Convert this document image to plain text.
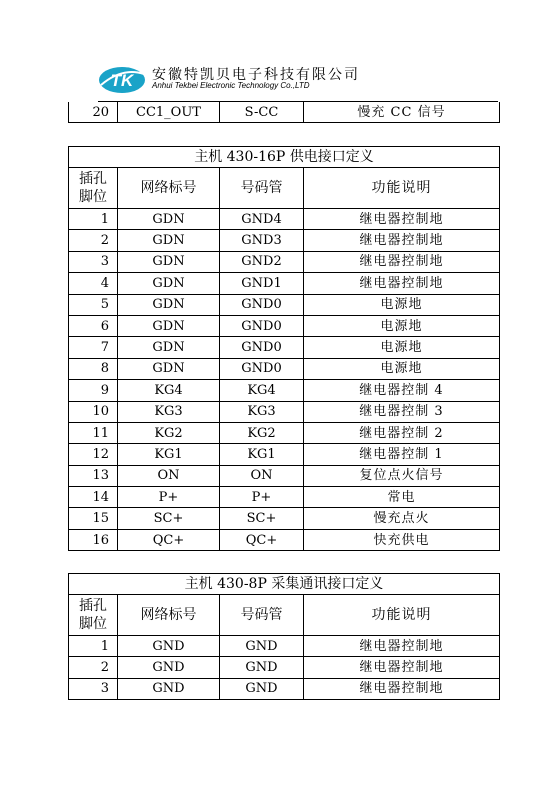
TK 安徽特凯贝电子科技有限公司
Anhui Tekbei Electronic Technology Co.,LTD
20	CC1_OUT	S-CC	慢充 CC 信号
主机 430-16P 供电接口定义			
插孔
脚位	网络标号	号码管	功能说明
1	GDN	GND4	继电器控制地
2	GDN	GND3	继电器控制地
3	GDN	GND2	继电器控制地
4	GDN	GND1	继电器控制地
5	GDN	GND0	电源地
6	GDN	GND0	电源地
7	GDN	GND0	电源地
8	GDN	GND0	电源地
9	KG4	KG4	继电器控制 4
10	KG3	KG3	继电器控制 3
11	KG2	KG2	继电器控制 2
12	KG1	KG1	继电器控制 1
13	ON	ON	复位点火信号
14	P+	P+	常电
15	SC+	SC+	慢充点火
16	QC+	QC+	快充供电
主机 430-8P 采集通讯接口定义			
插孔
脚位	网络标号	号码管	功能说明
1	GND	GND	继电器控制地
2	GND	GND	继电器控制地
3	GND	GND	继电器控制地
